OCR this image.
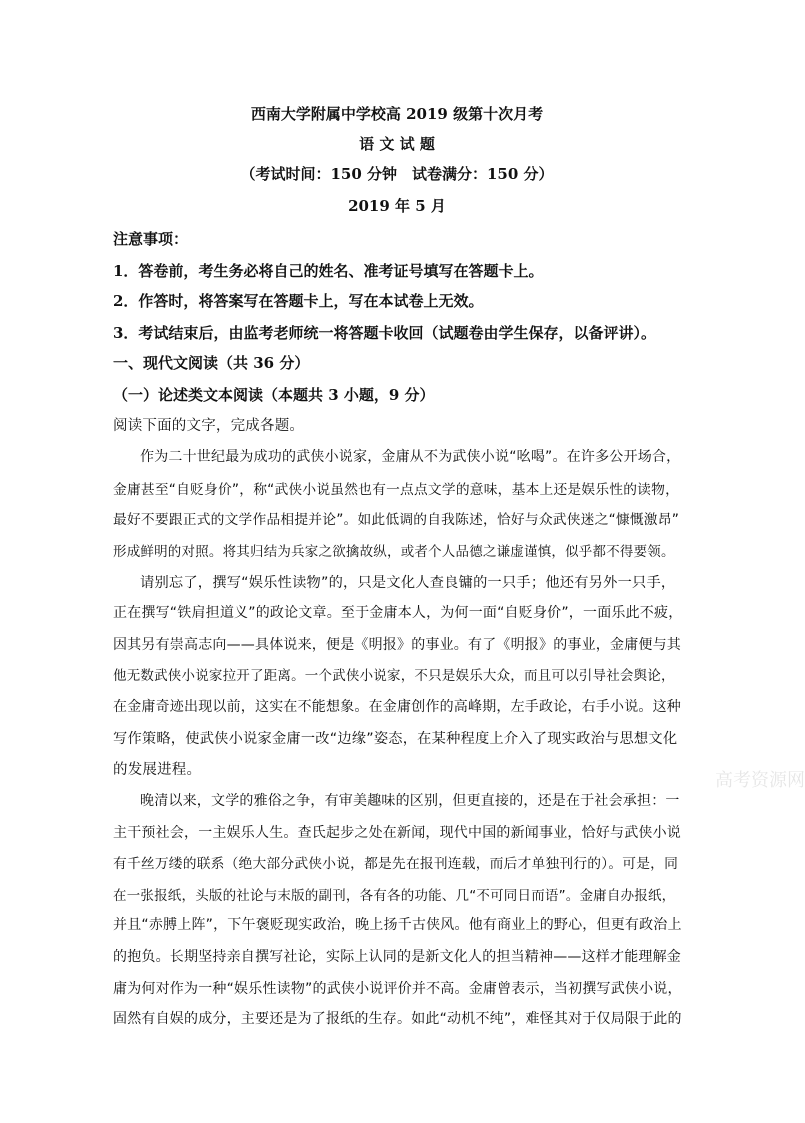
西南大学附属中学校高 2019 级第十次月考
语 文 试 题
（考试时间：150 分钟　试卷满分：150 分）
2019 年 5 月
注意事项：
1．答卷前，考生务必将自己的姓名、准考证号填写在答题卡上。
2．作答时，将答案写在答题卡上，写在本试卷上无效。
3．考试结束后，由监考老师统一将答题卡收回（试题卷由学生保存，以备评讲）。
一、现代文阅读（共 36 分）
（一）论述类文本阅读（本题共 3 小题，9 分）
阅读下面的文字，完成各题。
作为二十世纪最为成功的武侠小说家，金庸从不为武侠小说“吆喝”。在许多公开场合，
金庸甚至“自贬身价”，称“武侠小说虽然也有一点点文学的意味，基本上还是娱乐性的读物，
最好不要跟正式的文学作品相提并论”。如此低调的自我陈述，恰好与众武侠迷之“慷慨激昂”
形成鲜明的对照。将其归结为兵家之欲擒故纵，或者个人品德之谦虚谨慎，似乎都不得要领。
请别忘了，撰写“娱乐性读物”的，只是文化人查良镛的一只手；他还有另外一只手，
正在撰写“铁肩担道义”的政论文章。至于金庸本人，为何一面“自贬身价”，一面乐此不疲，
因其另有崇高志向——具体说来，便是《明报》的事业。有了《明报》的事业，金庸便与其
他无数武侠小说家拉开了距离。一个武侠小说家，不只是娱乐大众，而且可以引导社会舆论，
在金庸奇迹出现以前，这实在不能想象。在金庸创作的高峰期，左手政论，右手小说。这种
写作策略，使武侠小说家金庸一改“边缘”姿态，在某种程度上介入了现实政治与思想文化
的发展进程。
晚清以来，文学的雅俗之争，有审美趣味的区别，但更直接的，还是在于社会承担：一
主干预社会，一主娱乐人生。查氏起步之处在新闻，现代中国的新闻事业，恰好与武侠小说
有千丝万缕的联系（绝大部分武侠小说，都是先在报刊连载，而后才单独刊行的）。可是，同
在一张报纸，头版的社论与末版的副刊，各有各的功能、几“不可同日而语”。金庸自办报纸，
并且“赤膊上阵”，下午褒贬现实政治，晚上扬千古侠风。他有商业上的野心，但更有政治上
的抱负。长期坚持亲自撰写社论，实际上认同的是新文化人的担当精神——这样才能理解金
庸为何对作为一种“娱乐性读物”的武侠小说评价并不高。金庸曾表示，当初撰写武侠小说，
固然有自娱的成分，主要还是为了报纸的生存。如此“动机不纯”，难怪其对于仅局限于此的
高考资源网
